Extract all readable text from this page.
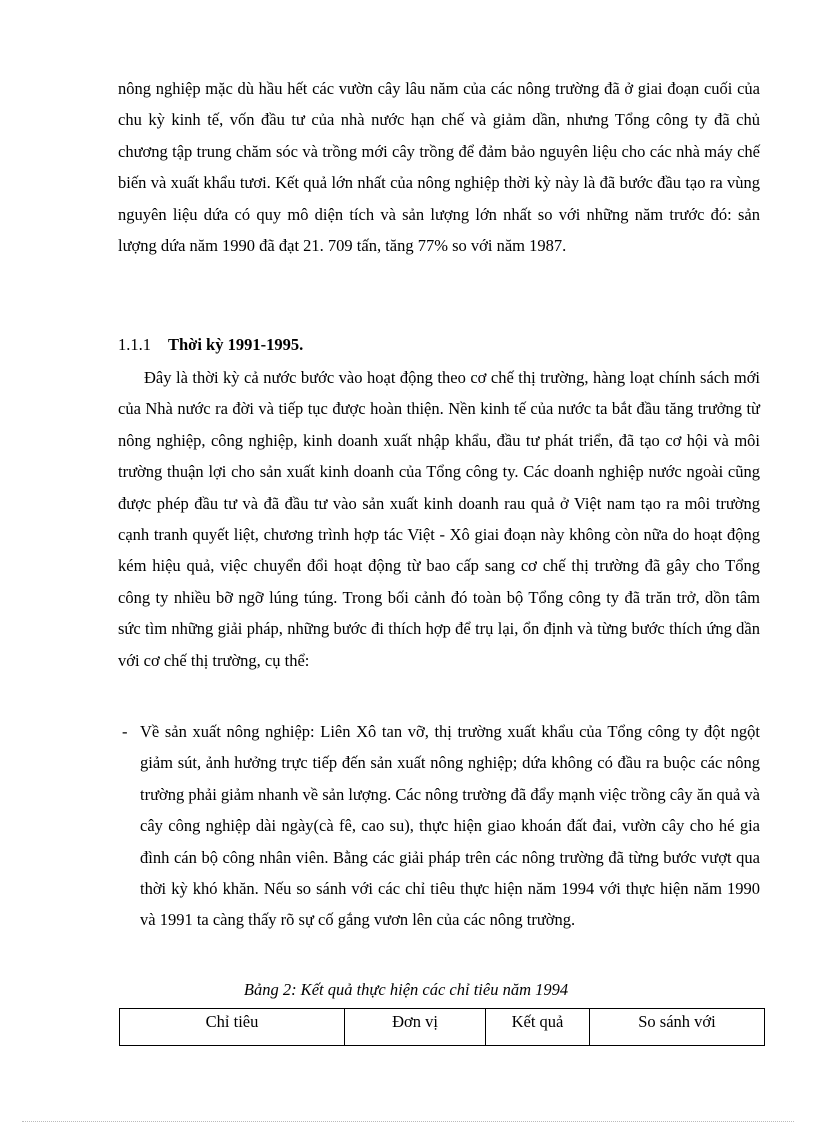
nông nghiệp mặc dù hầu hết các vườn cây lâu năm của các nông trường đã ở giai đoạn cuối của chu kỳ kinh tế, vốn đầu tư của nhà nước hạn chế và giảm dần, nhưng Tổng công ty đã chủ chương tập trung chăm sóc và trồng mới cây trồng để đảm bảo nguyên liệu cho các nhà máy chế biến và xuất khẩu tươi. Kết quả lớn nhất của nông nghiệp thời kỳ này là đã bước đầu tạo ra vùng nguyên liệu dứa có quy mô diện tích và sản lượng lớn nhất so với những năm trước đó: sản lượng dứa năm 1990 đã đạt 21. 709 tấn, tăng 77% so với năm 1987.

1.1.1 Thời kỳ 1991-1995.

Đây là thời kỳ cả nước bước vào hoạt động theo cơ chế thị trường, hàng loạt chính sách mới của Nhà nước ra đời và tiếp tục được hoàn thiện. Nền kinh tế của nước ta bắt đầu tăng trưởng từ nông nghiệp, công nghiệp, kinh doanh xuất nhập khẩu, đầu tư phát triển, đã tạo cơ hội và môi trường thuận lợi cho sản xuất kinh doanh của Tổng công ty. Các doanh nghiệp nước ngoài cũng được phép đầu tư và đã đầu tư vào sản xuất kinh doanh rau quả ở Việt nam tạo ra môi trường cạnh tranh quyết liệt, chương trình hợp tác Việt - Xô giai đoạn này không còn nữa do hoạt động kém hiệu quả, việc chuyển đổi hoạt động từ bao cấp sang cơ chế thị trường đã gây cho Tổng công ty nhiều bỡ ngỡ lúng túng. Trong bối cảnh đó toàn bộ Tổng công ty đã trăn trở, dồn tâm sức tìm những giải pháp, những bước đi thích hợp để trụ lại, ổn định và từng bước thích ứng dần với cơ chế thị trường, cụ thể:

- Về sản xuất nông nghiệp: Liên Xô tan vỡ, thị trường xuất khẩu của Tổng công ty đột ngột giảm sút, ảnh hưởng trực tiếp đến sản xuất nông nghiệp; dứa không có đầu ra buộc các nông trường phải giảm nhanh về sản lượng. Các nông trường đã đẩy mạnh việc trồng cây ăn quả và cây công nghiệp dài ngày(cà fê, cao su), thực hiện giao khoán đất đai, vườn cây cho hé gia đình cán bộ công nhân viên. Bằng các giải pháp trên các nông trường đã từng bước vượt qua thời kỳ khó khăn. Nếu so sánh với các chỉ tiêu thực hiện năm 1994 với thực hiện năm 1990 và 1991 ta càng thấy rõ sự cố gắng vươn lên của các nông trường.
Bảng 2: Kết quả thực hiện các chỉ tiêu năm 1994
Chỉ tiêu	Đơn vị	Kết quả	So sánh với
